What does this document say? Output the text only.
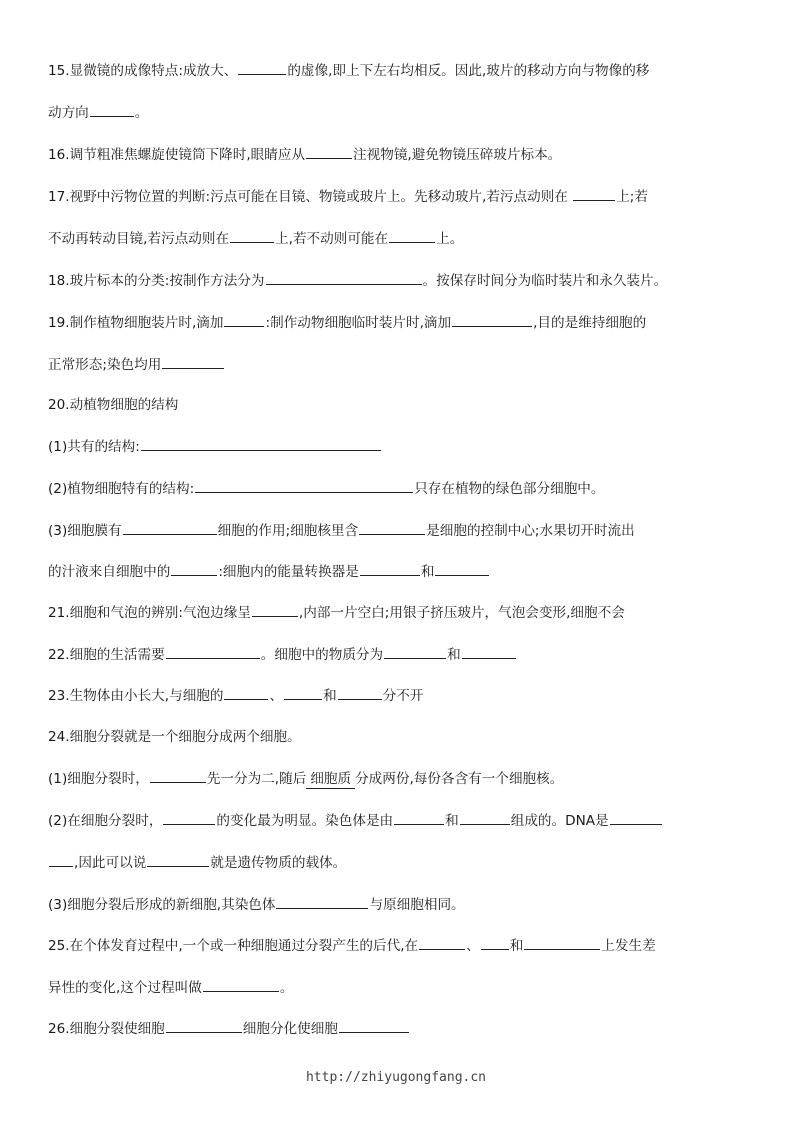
15.显微镜的成像特点:成放大、	的虚像,即上下左右均相反。因此,玻片的移动方向与物像的移
动方向	。
16.调节粗准焦螺旋使镜筒下降时,眼睛应从	注视物镜,避免物镜压碎玻片标本。
17.视野中污物位置的判断:污点可能在目镜、物镜或玻片上。先移动玻片,若污点动则在	上;若
不动再转动目镜,若污点动则在	上,若不动则可能在	上。
18.玻片标本的分类:按制作方法分为	。按保存时间分为临时装片和永久装片。
19.制作植物细胞装片时,滴加	:制作动物细胞临时装片时,滴加	,目的是维持细胞的
正常形态;染色均用
20.动植物细胞的结构
(1)共有的结构:
(2)植物细胞特有的结构:	只存在植物的绿色部分细胞中。
(3)细胞膜有	细胞的作用;细胞核里含	是细胞的控制中心;水果切开时流出
的汁液来自细胞中的	:细胞内的能量转换器是	和
21.细胞和气泡的辨别:气泡边缘呈	,内部一片空白;用银子挤压玻片，气泡会变形,细胞不会
22.细胞的生活需要	。细胞中的物质分为	和
23.生物体由小长大,与细胞的	、	和	分不开
24.细胞分裂就是一个细胞分成两个细胞。
(1)细胞分裂时，	先一分为二,随后 细胞质 分成两份,每份各含有一个细胞核。
(2)在细胞分裂时，	的变化最为明显。染色体是由	和	组成的。DNA是
,因此可以说	就是遗传物质的载体。
(3)细胞分裂后形成的新细胞,其染色体	与原细胞相同。
25.在个体发育过程中,一个或一种细胞通过分裂产生的后代,在	、 和	上发生差
异性的变化,这个过程叫做	。
26.细胞分裂使细胞	细胞分化使细胞
http://zhiyugongfang.cn
